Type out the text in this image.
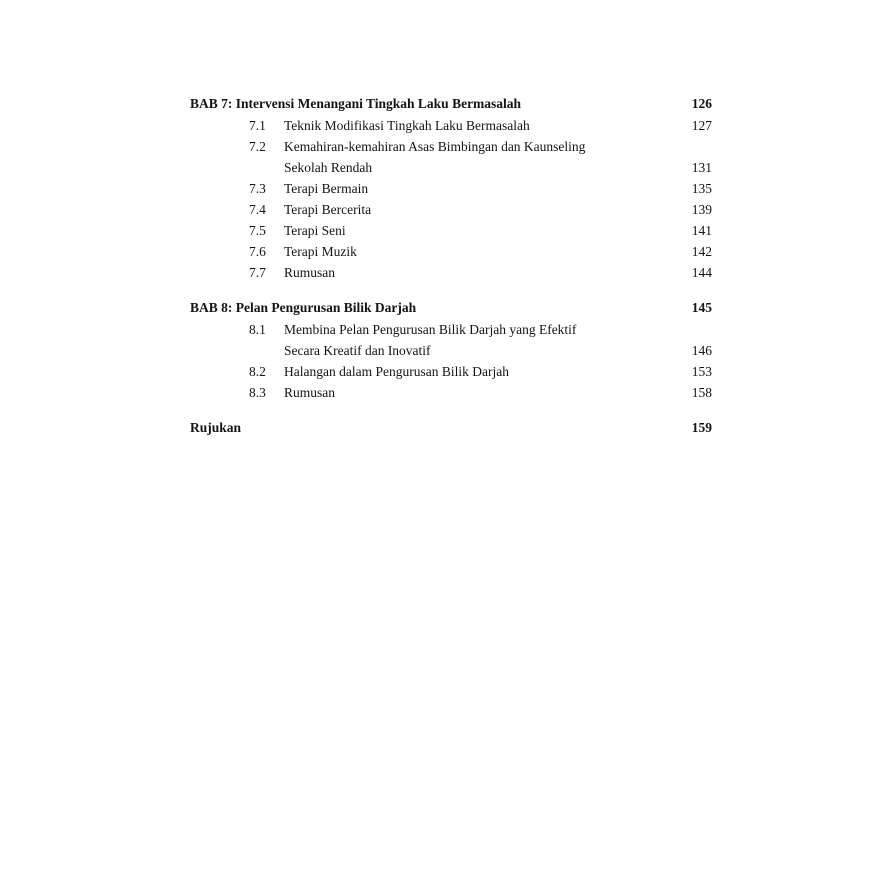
BAB 7: Intervensi Menangani Tingkah Laku Bermasalah	126
7.1 Teknik Modifikasi Tingkah Laku Bermasalah	127
7.2 Kemahiran-kemahiran Asas Bimbingan dan Kaunseling
Sekolah Rendah	131
7.3 Terapi Bermain	135
7.4 Terapi Bercerita	139
7.5 Terapi Seni	141
7.6 Terapi Muzik	142
7.7 Rumusan	144
BAB 8: Pelan Pengurusan Bilik Darjah	145
8.1 Membina Pelan Pengurusan Bilik Darjah yang Efektif
Secara Kreatif dan Inovatif	146
8.2 Halangan dalam Pengurusan Bilik Darjah	153
8.3 Rumusan	158
Rujukan	159
